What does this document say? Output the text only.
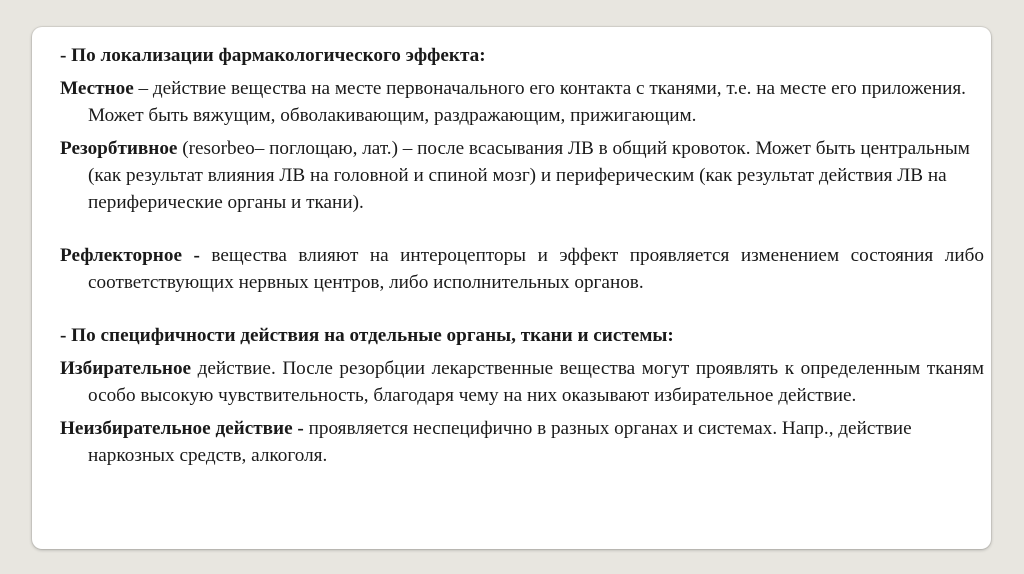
- По локализации фармакологического эффекта:

Местное – действие вещества на месте первоначального его контакта с тканями, т.е. на месте его приложения. Может быть вяжущим, обволакивающим, раздражающим, прижигающим.

Резорбтивное (resorbeo– поглощаю, лат.) – после всасывания ЛВ в общий кровоток. Может быть центральным (как результат влияния ЛВ на головной и спиной мозг) и периферическим (как результат действия ЛВ на периферические органы и ткани).

Рефлекторное - вещества влияют на интероцепторы и эффект проявляется изменением состояния либо соответствующих нервных центров, либо исполнительных органов.

- По специфичности действия на отдельные органы, ткани и системы:

Избирательное действие. После резорбции лекарственные вещества могут проявлять к определенным тканям особо высокую чувствительность, благодаря чему на них оказывают избирательное действие.

Неизбирательное действие - проявляется неспецифично в разных органах и системах. Напр., действие наркозных средств, алкоголя.
